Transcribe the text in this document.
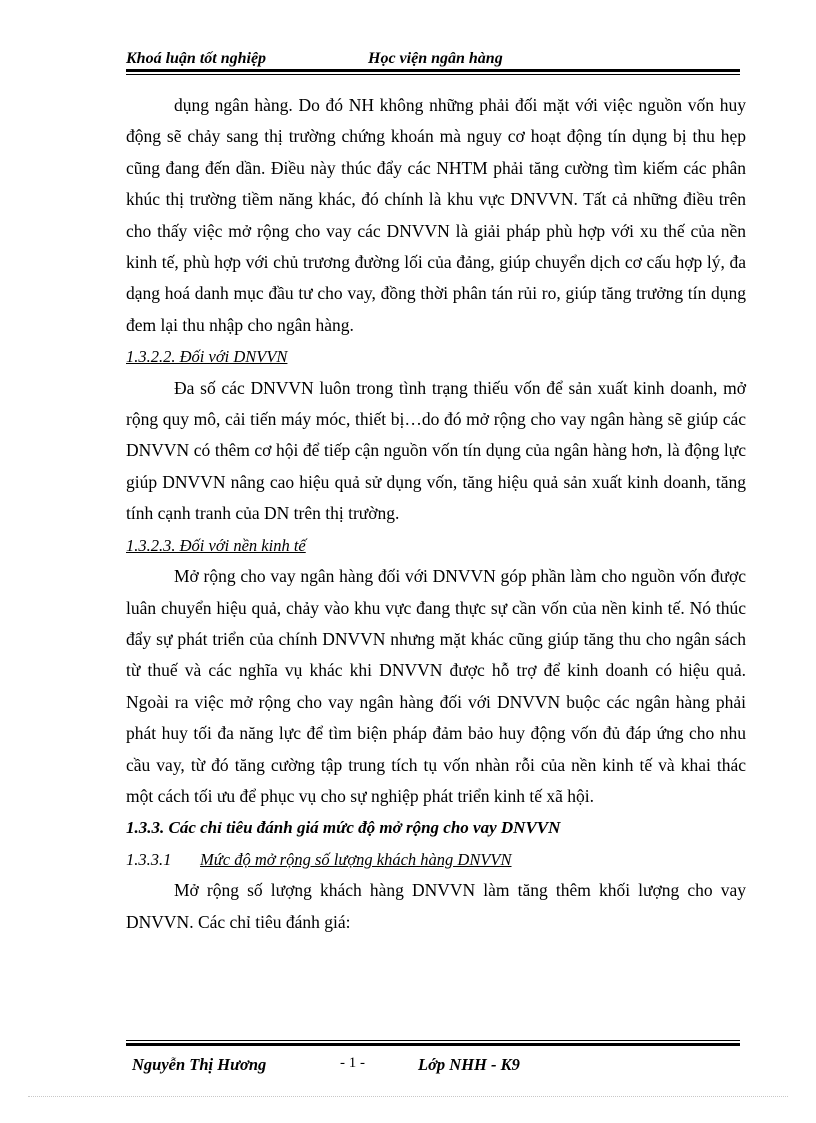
Khoá luận tốt nghiệp	Học viện ngân hàng

dụng ngân hàng. Do đó NH không những phải đối mặt với việc nguồn vốn huy động sẽ chảy sang thị trường chứng khoán mà nguy cơ hoạt động tín dụng bị thu hẹp cũng đang đến dần. Điều này thúc đẩy các NHTM phải tăng cường tìm kiếm các phân khúc thị trường tiềm năng khác, đó chính là khu vực DNVVN. Tất cả những điều trên cho thấy việc mở rộng cho vay các DNVVN là giải pháp phù hợp với xu thế của nền kinh tế, phù hợp với chủ trương đường lối của đảng, giúp chuyển dịch cơ cấu hợp lý, đa dạng hoá danh mục đầu tư cho vay, đồng thời phân tán rủi ro, giúp tăng trưởng tín dụng đem lại thu nhập cho ngân hàng.

1.3.2.2. Đối với DNVVN

Đa số các DNVVN luôn trong tình trạng thiếu vốn để sản xuất kinh doanh, mở rộng quy mô, cải tiến máy móc, thiết bị…do đó mở rộng cho vay ngân hàng sẽ giúp các DNVVN có thêm cơ hội để tiếp cận nguồn vốn tín dụng của ngân hàng hơn, là động lực giúp DNVVN nâng cao hiệu quả sử dụng vốn, tăng hiệu quả sản xuất kinh doanh, tăng tính cạnh tranh của DN trên thị trường.

1.3.2.3. Đối với nền kinh tế

Mở rộng cho vay ngân hàng đối với DNVVN góp phần làm cho nguồn vốn được luân chuyển hiệu quả, chảy vào khu vực đang thực sự cần vốn của nền kinh tế. Nó thúc đẩy sự phát triển của chính DNVVN nhưng mặt khác cũng giúp tăng thu cho ngân sách từ thuế và các nghĩa vụ khác khi DNVVN được hỗ trợ để kinh doanh có hiệu quả. Ngoài ra việc mở rộng cho vay ngân hàng đối với DNVVN buộc các ngân hàng phải phát huy tối đa năng lực để tìm biện pháp đảm bảo huy động vốn đủ đáp ứng cho nhu cầu vay, từ đó tăng cường tập trung tích tụ vốn nhàn rỗi của nền kinh tế và khai thác một cách tối ưu để phục vụ cho sự nghiệp phát triển kinh tế xã hội.

1.3.3. Các chỉ tiêu đánh giá mức độ mở rộng cho vay DNVVN
1.3.3.1 Mức độ mở rộng số lượng khách hàng DNVVN

Mở rộng số lượng khách hàng DNVVN làm tăng thêm khối lượng cho vay DNVVN. Các chỉ tiêu đánh giá:

Nguyễn Thị Hương	- 1 -	Lớp NHH - K9
